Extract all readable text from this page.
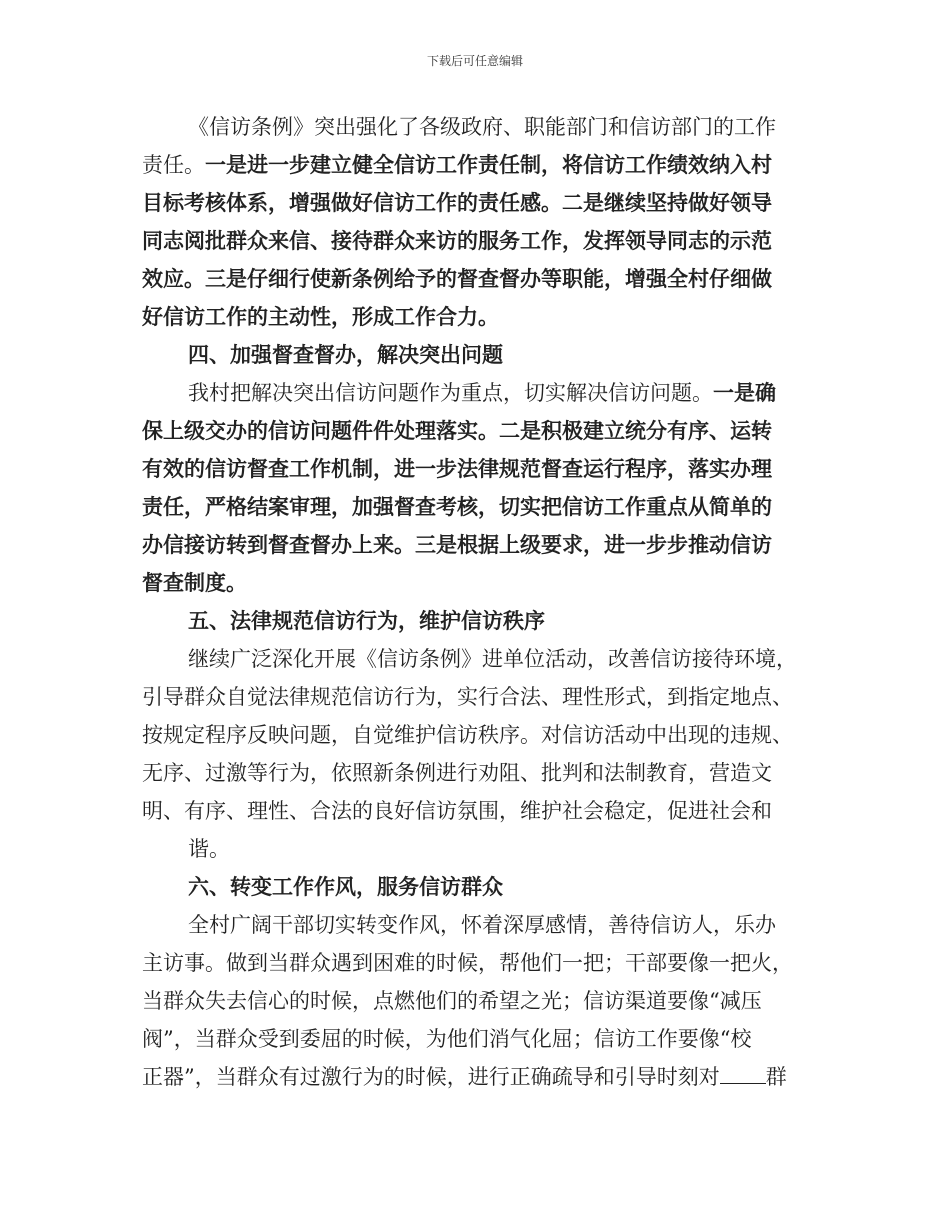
下载后可任意编辑
《信访条例》突出强化了各级政府、职能部门和信访部门的工作
责任。一是进一步建立健全信访工作责任制，将信访工作绩效纳入村
目标考核体系，增强做好信访工作的责任感。二是继续坚持做好领导
同志阅批群众来信、接待群众来访的服务工作，发挥领导同志的示范
效应。三是仔细行使新条例给予的督查督办等职能，增强全村仔细做
好信访工作的主动性，形成工作合力。
四、加强督查督办，解决突出问题
我村把解决突出信访问题作为重点，切实解决信访问题。一是确
保上级交办的信访问题件件处理落实。二是积极建立统分有序、运转
有效的信访督查工作机制，进一步法律规范督查运行程序，落实办理
责任，严格结案审理，加强督查考核，切实把信访工作重点从简单的
办信接访转到督查督办上来。三是根据上级要求，进一步步推动信访
督查制度。
五、法律规范信访行为，维护信访秩序
继续广泛深化开展《信访条例》进单位活动，改善信访接待环境，
引导群众自觉法律规范信访行为，实行合法、理性形式，到指定地点、
按规定程序反映问题，自觉维护信访秩序。对信访活动中出现的违规、
无序、过激等行为，依照新条例进行劝阻、批判和法制教育，营造文
明、有序、理性、合法的良好信访氛围，维护社会稳定，促进社会和
谐。
六、转变工作作风，服务信访群众
全村广阔干部切实转变作风，怀着深厚感情，善待信访人，乐办
主访事。做到当群众遇到困难的时候，帮他们一把；干部要像一把火，
当群众失去信心的时候，点燃他们的希望之光；信访渠道要像“减压
阀”，当群众受到委屈的时候，为他们消气化屈；信访工作要像“校
正器”，当群众有过激行为的时候，进行正确疏导和引导时刻对 群
